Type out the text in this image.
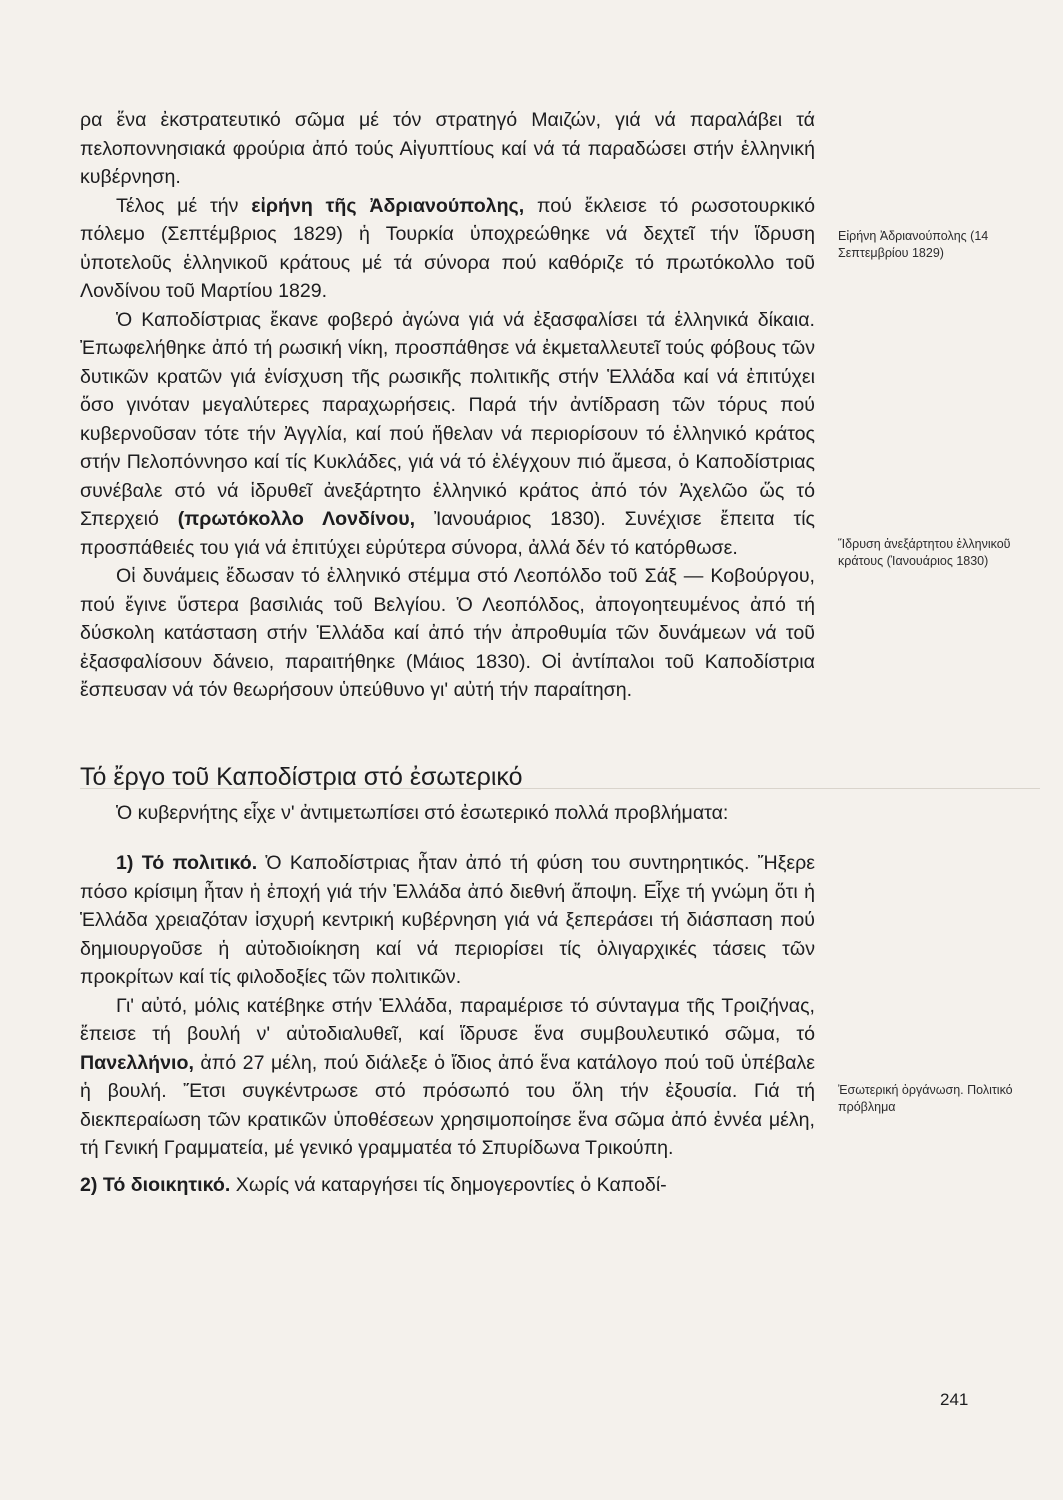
ρα ἕνα ἐκστρατευτικό σῶμα μέ τόν στρατηγό Μαιζών, γιά νά παραλάβει τά πελοποννησιακά φρούρια ἀπό τούς Αἰγυπτίους καί νά τά παραδώσει στήν ἑλληνική κυβέρνηση.

Τέλος μέ τήν εἰρήνη τῆς Ἀδριανούπολης, πού ἔκλεισε τό ρωσοτουρκικό πόλεμο (Σεπτέμβριος 1829) ἡ Τουρκία ὑποχρεώθηκε νά δεχτεῖ τήν ἵδρυση ὑποτελοῦς ἑλληνικοῦ κράτους μέ τά σύνορα πού καθόριζε τό πρωτόκολλο τοῦ Λονδίνου τοῦ Μαρτίου 1829.

Ὁ Καποδίστριας ἔκανε φοβερό ἀγώνα γιά νά ἐξασφαλίσει τά ἑλληνικά δίκαια. Ἐπωφελήθηκε ἀπό τή ρωσική νίκη, προσπάθησε νά ἐκμεταλλευτεῖ τούς φόβους τῶν δυτικῶν κρατῶν γιά ἐνίσχυση τῆς ρωσικῆς πολιτικῆς στήν Ἑλλάδα καί νά ἐπιτύχει ὅσο γινόταν μεγαλύτερες παραχωρήσεις. Παρά τήν ἀντίδραση τῶν τόρυς πού κυβερνοῦσαν τότε τήν Ἀγγλία, καί πού ἤθελαν νά περιορίσουν τό ἑλληνικό κράτος στήν Πελοπόννησο καί τίς Κυκλάδες, γιά νά τό ἐλέγχουν πιό ἄμεσα, ὁ Καποδίστριας συνέβαλε στό νά ἱδρυθεῖ ἀνεξάρτητο ἑλληνικό κράτος ἀπό τόν Ἀχελῶο ὥς τό Σπερχειό (πρωτόκολλο Λονδίνου, Ἰανουάριος 1830). Συνέχισε ἔπειτα τίς προσπάθειές του γιά νά ἐπιτύχει εὐρύτερα σύνορα, ἀλλά δέν τό κατόρθωσε.

Οἱ δυνάμεις ἔδωσαν τό ἑλληνικό στέμμα στό Λεοπόλδο τοῦ Σάξ — Κοβούργου, πού ἔγινε ὕστερα βασιλιάς τοῦ Βελγίου. Ὁ Λεοπόλδος, ἀπογοητευμένος ἀπό τή δύσκολη κατάσταση στήν Ἑλλάδα καί ἀπό τήν ἀπροθυμία τῶν δυνάμεων νά τοῦ ἐξασφαλίσουν δάνειο, παραιτήθηκε (Μάιος 1830). Οἱ ἀντίπαλοι τοῦ Καποδίστρια ἔσπευσαν νά τόν θεωρήσουν ὑπεύθυνο γι' αὐτή τήν παραίτηση.

Τό ἔργο τοῦ Καποδίστρια στό ἐσωτερικό

Ὁ κυβερνήτης εἶχε ν' ἀντιμετωπίσει στό ἐσωτερικό πολλά προβλήματα:

1) Τό πολιτικό. Ὁ Καποδίστριας ἦταν ἀπό τή φύση του συντηρητικός. Ἤξερε πόσο κρίσιμη ἦταν ἡ ἐποχή γιά τήν Ἑλλάδα ἀπό διεθνή ἄποψη. Εἶχε τή γνώμη ὅτι ἡ Ἑλλάδα χρειαζόταν ἰσχυρή κεντρική κυβέρνηση γιά νά ξεπεράσει τή διάσπαση πού δημιουργοῦσε ἡ αὐτοδιοίκηση καί νά περιορίσει τίς ὀλιγαρχικές τάσεις τῶν προκρίτων καί τίς φιλοδοξίες τῶν πολιτικῶν.

Γι' αὐτό, μόλις κατέβηκε στήν Ἑλλάδα, παραμέρισε τό σύνταγμα τῆς Τροιζήνας, ἔπεισε τή βουλή ν' αὐτοδιαλυθεῖ, καί ἵδρυσε ἕνα συμβουλευτικό σῶμα, τό Πανελλήνιο, ἀπό 27 μέλη, πού διάλεξε ὁ ἴδιος ἀπό ἕνα κατάλογο πού τοῦ ὑπέβαλε ἡ βουλή. Ἔτσι συγκέντρωσε στό πρόσωπό του ὅλη τήν ἐξουσία. Γιά τή διεκπεραίωση τῶν κρατικῶν ὑποθέσεων χρησιμοποίησε ἕνα σῶμα ἀπό ἐννέα μέλη, τή Γενική Γραμματεία, μέ γενικό γραμματέα τό Σπυρίδωνα Τρικούπη.

2) Τό διοικητικό. Χωρίς νά καταργήσει τίς δημογεροντίες ὁ Καποδί-

Εἰρήνη Ἀδριανούπολης (14 Σεπτεμβρίου 1829)
Ἵδρυση ἀνεξάρτητου ἑλληνικοῦ κράτους (Ἰανουάριος 1830)
Ἐσωτερική ὀργάνωση. Πολιτικό πρόβλημα
241
